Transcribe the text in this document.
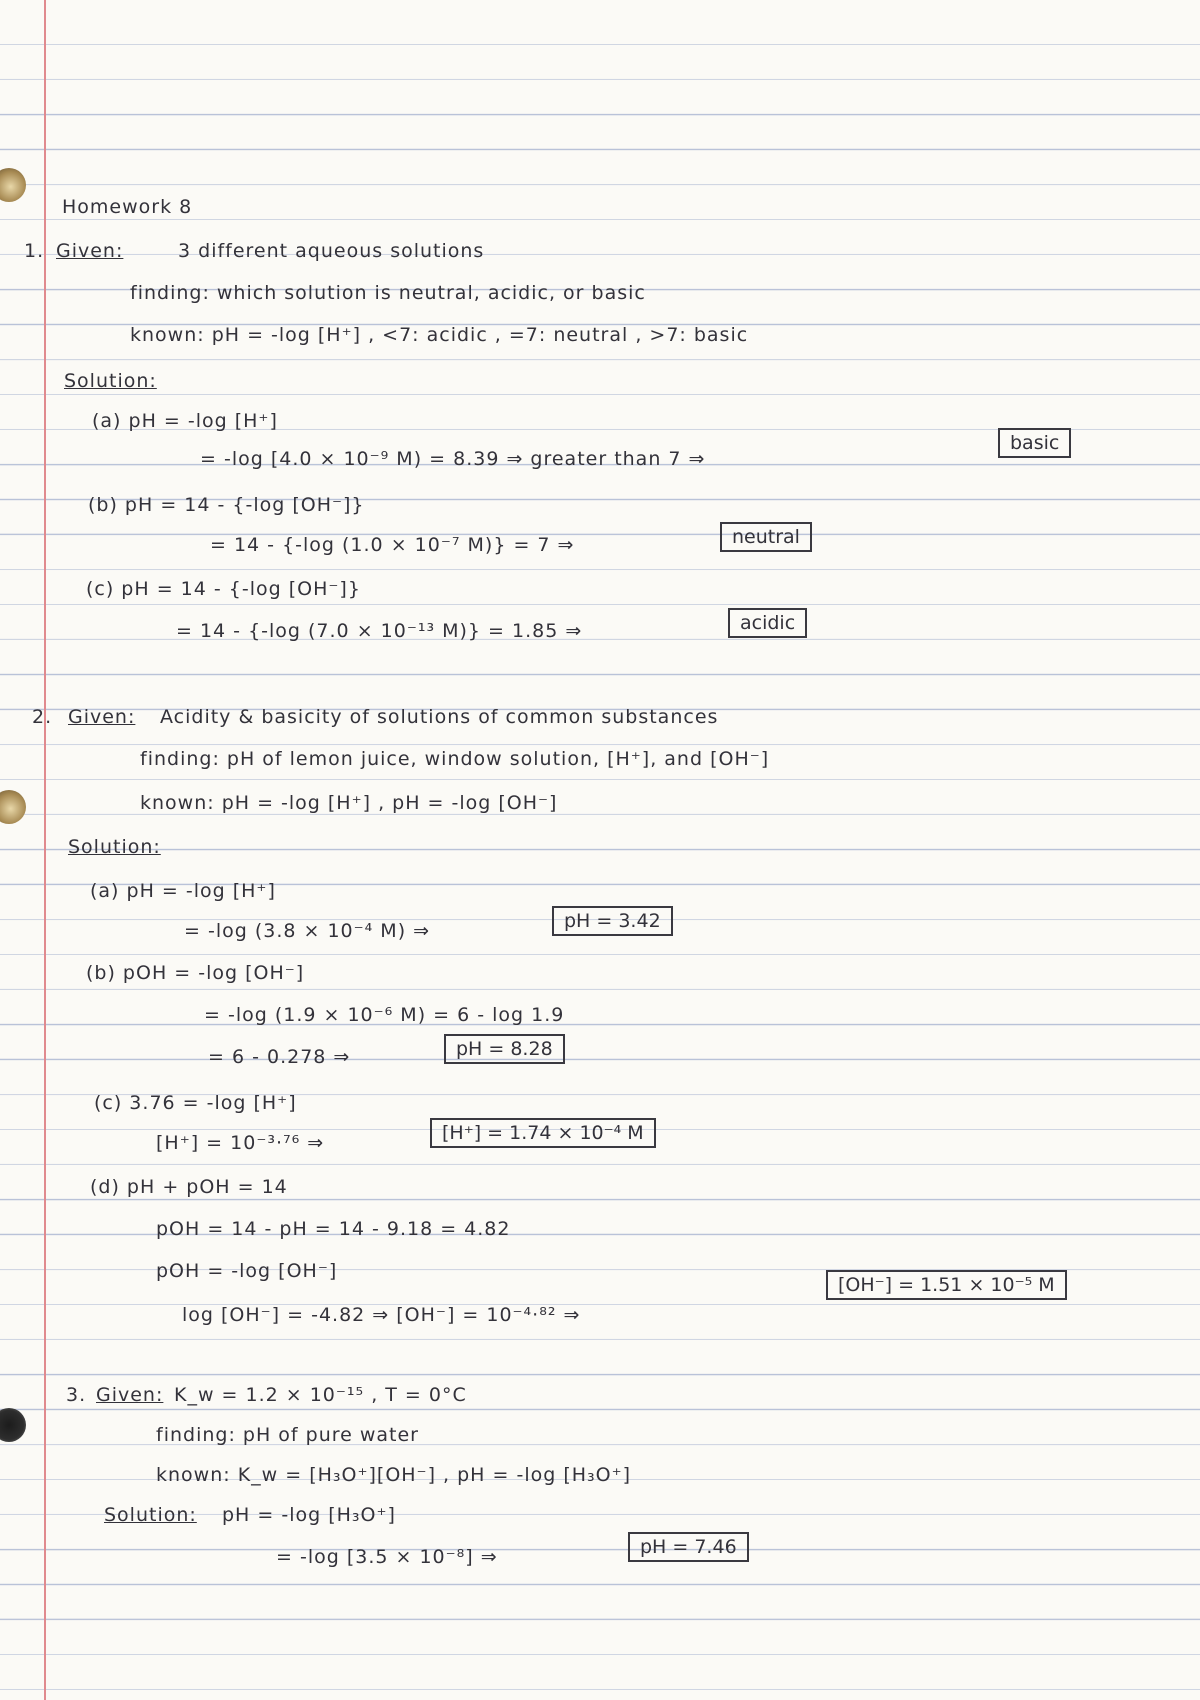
Homework 8
1. Given:	3 different aqueous solutions
finding: which solution is neutral, acidic, or basic
known: pH = -log [H⁺] , <7: acidic , =7: neutral , >7: basic
Solution:
(a) pH = -log [H⁺]
= -log [4.0 × 10⁻⁹ M) = 8.39 ⇒ greater than 7 ⇒
basic
(b) pH = 14 - {-log [OH⁻]}
= 14 - {-log (1.0 × 10⁻⁷ M)} = 7 ⇒	neutral
(c) pH = 14 - {-log [OH⁻]}
= 14 - {-log (7.0 × 10⁻¹³ M)} = 1.85 ⇒	acidic
2. Given: Acidity & basicity of solutions of common substances
finding: pH of lemon juice, window solution, [H⁺], and [OH⁻]
known: pH = -log [H⁺] , pH = -log [OH⁻]
Solution:
(a) pH = -log [H⁺]
= -log (3.8 × 10⁻⁴ M) ⇒	pH = 3.42
(b) pOH = -log [OH⁻]
= -log (1.9 × 10⁻⁶ M) = 6 - log 1.9
= 6 - 0.278 ⇒	pH = 8.28
(c) 3.76 = -log [H⁺]
[H⁺] = 10⁻³·⁷⁶ ⇒	[H⁺] = 1.74 × 10⁻⁴ M
(d) pH + pOH = 14
pOH = 14 - pH = 14 - 9.18 = 4.82
pOH = -log [OH⁻]
log [OH⁻] = -4.82 ⇒ [OH⁻] = 10⁻⁴·⁸² ⇒
[OH⁻] = 1.51 × 10⁻⁵ M
3. Given: K_w = 1.2 × 10⁻¹⁵ , T = 0°C
finding: pH of pure water
known: K_w = [H₃O⁺][OH⁻] , pH = -log [H₃O⁺]
Solution: pH = -log [H₃O⁺]
= -log [3.5 × 10⁻⁸] ⇒	pH = 7.46
